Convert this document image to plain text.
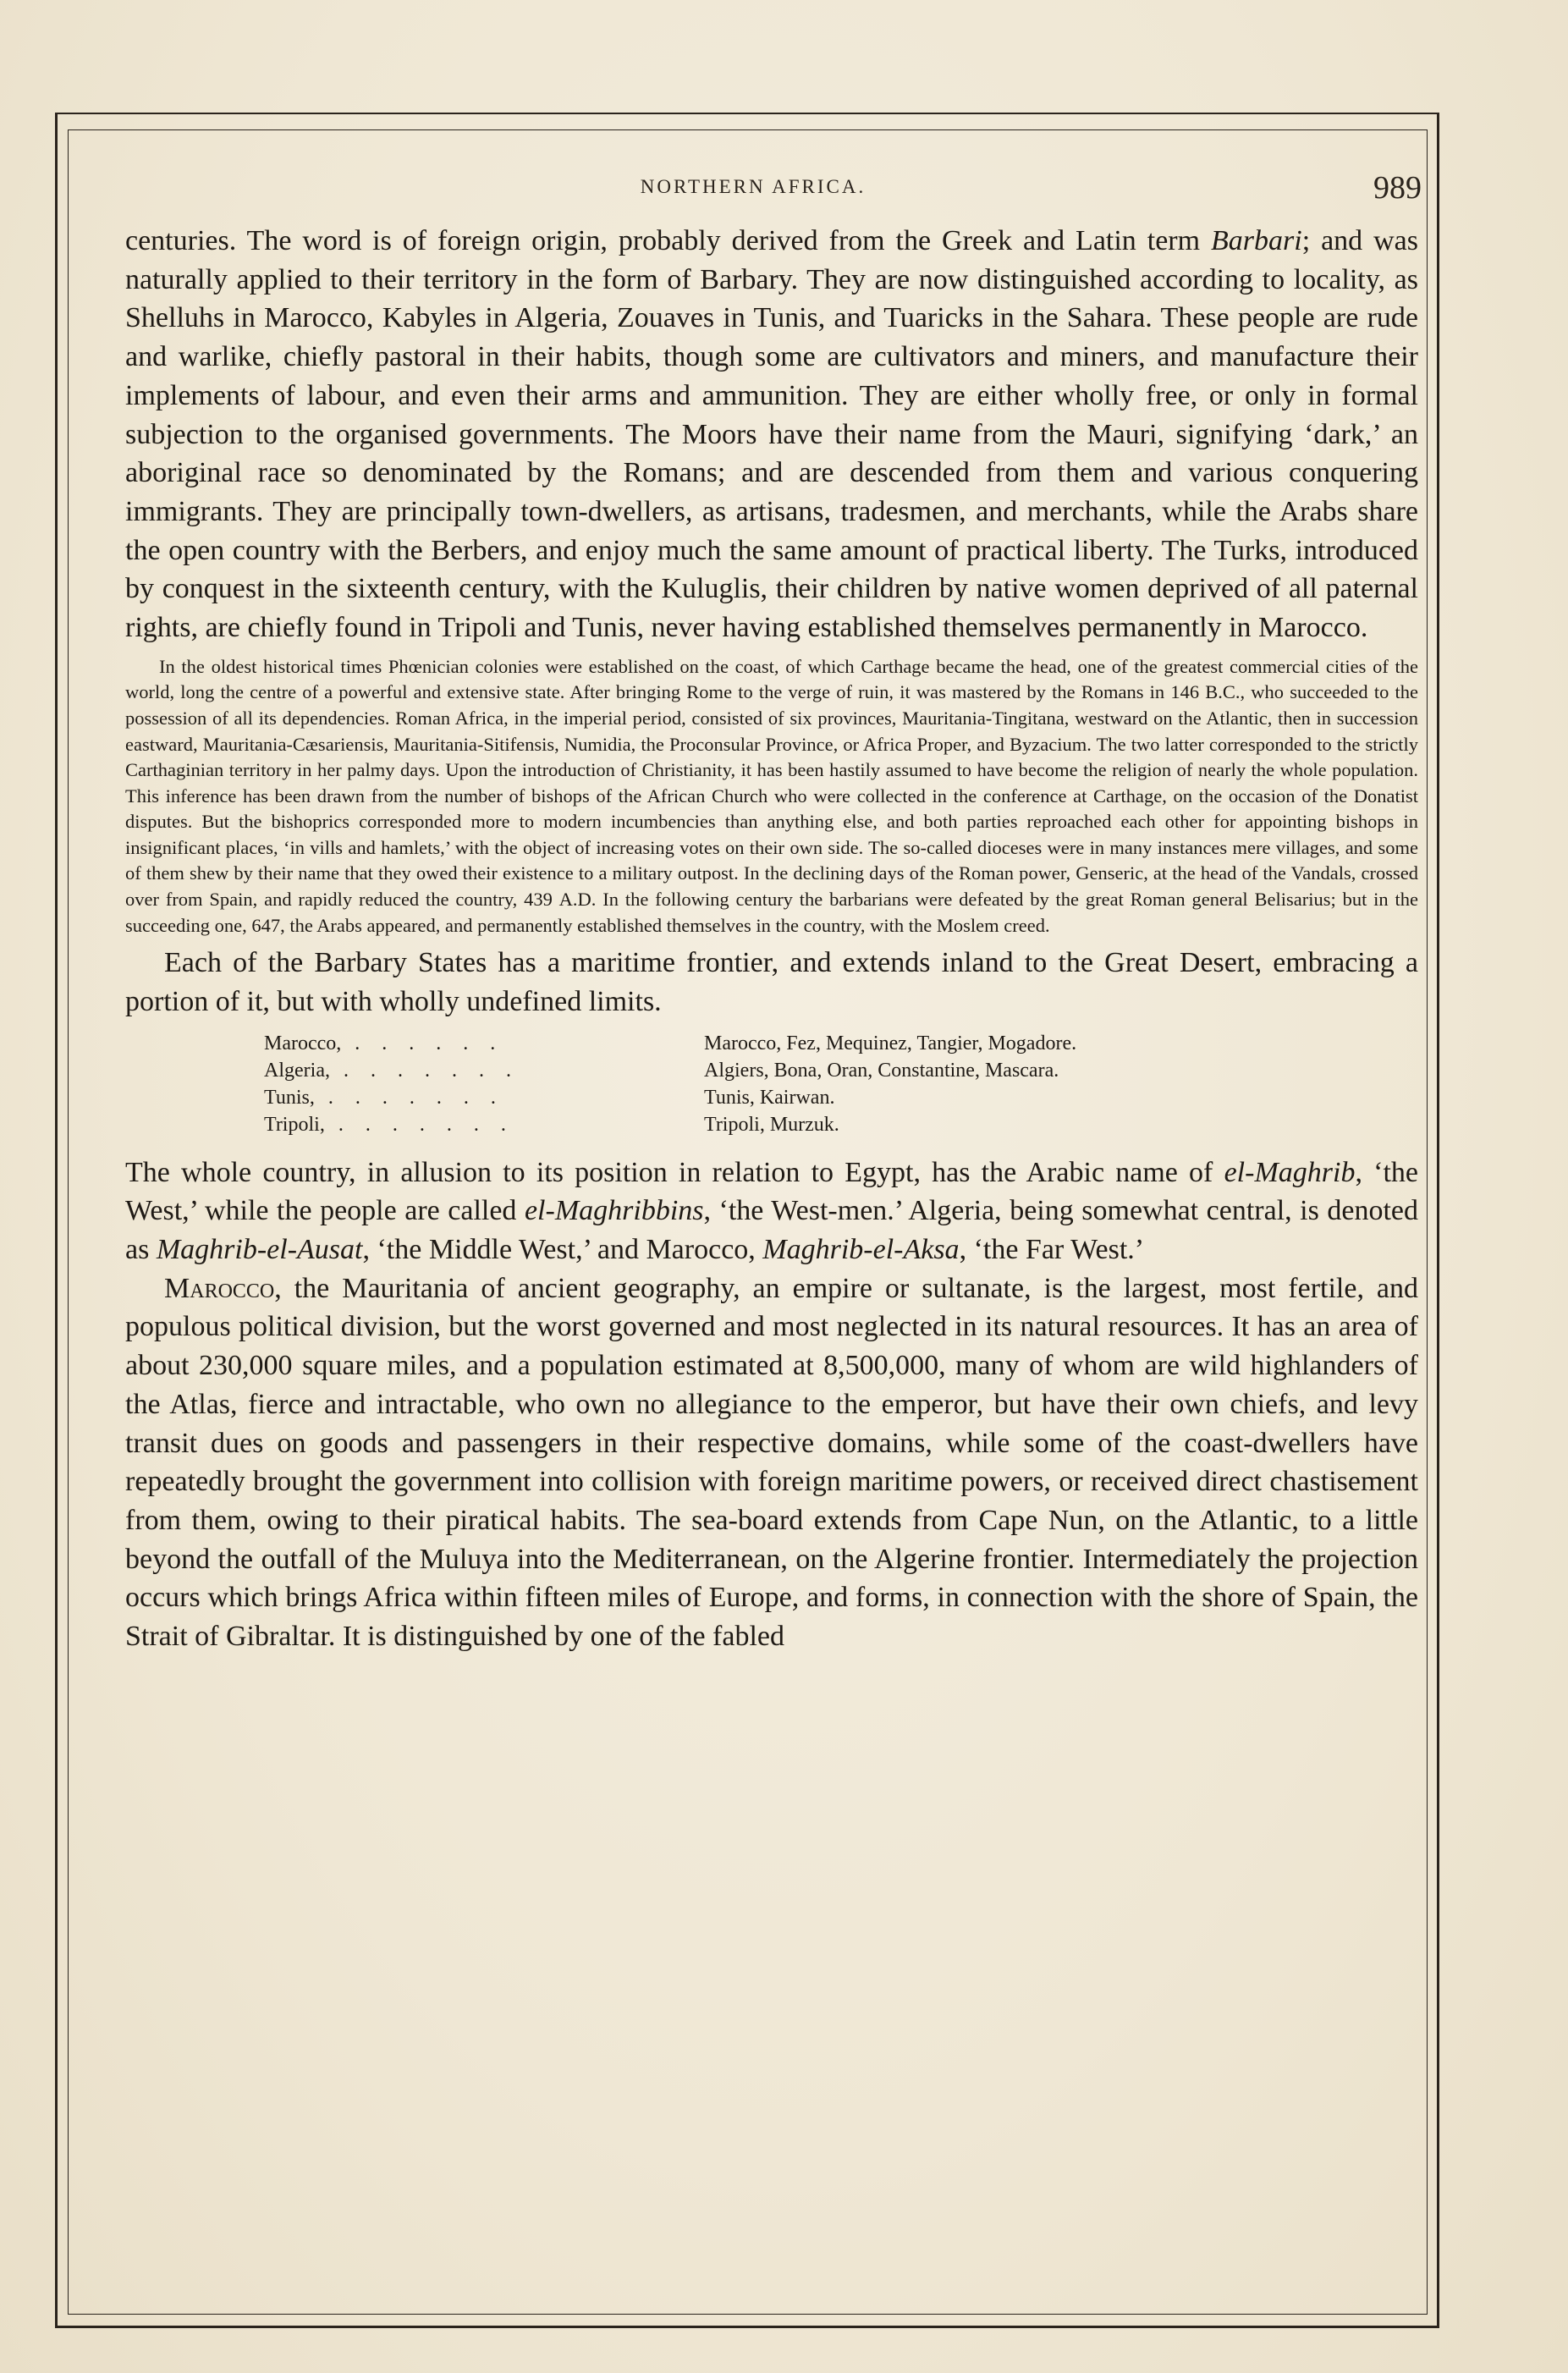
NORTHERN AFRICA.	989

centuries. The word is of foreign origin, probably derived from the Greek and Latin term Barbari; and was naturally applied to their territory in the form of Barbary. They are now distinguished according to locality, as Shelluhs in Marocco, Kabyles in Algeria, Zouaves in Tunis, and Tuaricks in the Sahara. These people are rude and warlike, chiefly pastoral in their habits, though some are cultivators and miners, and manufacture their implements of labour, and even their arms and ammunition. They are either wholly free, or only in formal subjection to the organised governments. The Moors have their name from the Mauri, signifying ‘dark,’ an aboriginal race so denominated by the Romans; and are descended from them and various conquering immigrants. They are principally town-dwellers, as artisans, tradesmen, and merchants, while the Arabs share the open country with the Berbers, and enjoy much the same amount of practical liberty. The Turks, introduced by conquest in the sixteenth century, with the Kuluglis, their children by native women deprived of all paternal rights, are chiefly found in Tripoli and Tunis, never having established themselves permanently in Marocco.

In the oldest historical times Phœnician colonies were established on the coast, of which Carthage became the head, one of the greatest commercial cities of the world, long the centre of a powerful and extensive state. After bringing Rome to the verge of ruin, it was mastered by the Romans in 146 B.C., who succeeded to the possession of all its dependencies. Roman Africa, in the imperial period, consisted of six provinces, Mauritania-Tingitana, westward on the Atlantic, then in succession eastward, Mauritania-Cæsariensis, Mauritania-Sitifensis, Numidia, the Proconsular Province, or Africa Proper, and Byzacium. The two latter corresponded to the strictly Carthaginian territory in her palmy days. Upon the introduction of Christianity, it has been hastily assumed to have become the religion of nearly the whole population. This inference has been drawn from the number of bishops of the African Church who were collected in the conference at Carthage, on the occasion of the Donatist disputes. But the bishoprics corresponded more to modern incumbencies than anything else, and both parties reproached each other for appointing bishops in insignificant places, ‘in vills and hamlets,’ with the object of increasing votes on their own side. The so-called dioceses were in many instances mere villages, and some of them shew by their name that they owed their existence to a military outpost. In the declining days of the Roman power, Genseric, at the head of the Vandals, crossed over from Spain, and rapidly reduced the country, 439 A.D. In the following century the barbarians were defeated by the great Roman general Belisarius; but in the succeeding one, 647, the Arabs appeared, and permanently established themselves in the country, with the Moslem creed.

Each of the Barbary States has a maritime frontier, and extends inland to the Great Desert, embracing a portion of it, but with wholly undefined limits.

Marocco, . . . . . .	Marocco, Fez, Mequinez, Tangier, Mogadore.
Algeria, . . . . . . .	Algiers, Bona, Oran, Constantine, Mascara.
Tunis, . . . . . . .	Tunis, Kairwan.
Tripoli, . . . . . . .	Tripoli, Murzuk.

The whole country, in allusion to its position in relation to Egypt, has the Arabic name of el-Maghrib, ‘the West,’ while the people are called el-Maghribbins, ‘the West-men.’ Algeria, being somewhat central, is denoted as Maghrib-el-Ausat, ‘the Middle West,’ and Marocco, Maghrib-el-Aksa, ‘the Far West.’

Marocco, the Mauritania of ancient geography, an empire or sultanate, is the largest, most fertile, and populous political division, but the worst governed and most neglected in its natural resources. It has an area of about 230,000 square miles, and a population estimated at 8,500,000, many of whom are wild highlanders of the Atlas, fierce and intractable, who own no allegiance to the emperor, but have their own chiefs, and levy transit dues on goods and passengers in their respective domains, while some of the coast-dwellers have repeatedly brought the government into collision with foreign maritime powers, or received direct chastisement from them, owing to their piratical habits. The sea-board extends from Cape Nun, on the Atlantic, to a little beyond the outfall of the Muluya into the Mediterranean, on the Algerine frontier. Intermediately the projection occurs which brings Africa within fifteen miles of Europe, and forms, in connection with the shore of Spain, the Strait of Gibraltar. It is distinguished by one of the fabled
